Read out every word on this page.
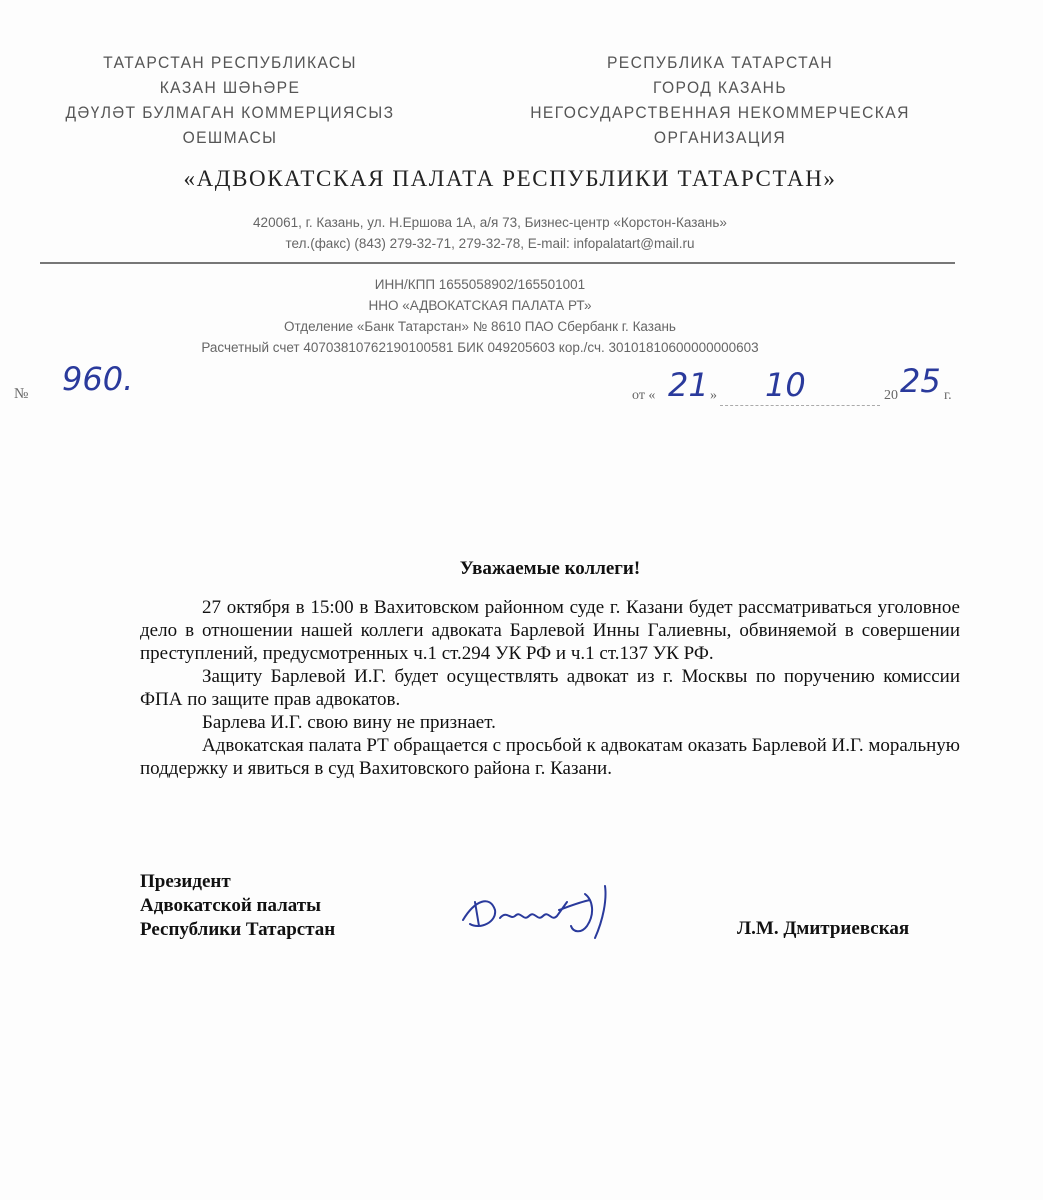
ТАТАРСТАН РЕСПУБЛИКАСЫ
КАЗАН ШӘҺӘРЕ
ДӘҮЛӘТ БУЛМАГАН КОММЕРЦИЯСЫЗ
ОЕШМАСЫ
РЕСПУБЛИКА ТАТАРСТАН
ГОРОД КАЗАНЬ
НЕГОСУДАРСТВЕННАЯ НЕКОММЕРЧЕСКАЯ
ОРГАНИЗАЦИЯ
«АДВОКАТСКАЯ ПАЛАТА РЕСПУБЛИКИ ТАТАРСТАН»
420061, г. Казань, ул. Н.Ершова 1А, а/я 73, Бизнес-центр «Корстон-Казань»
тел.(факс) (843) 279-32-71, 279-32-78, E-mail: infopalatart@mail.ru
ИНН/КПП 1655058902/165501001
ННО «АДВОКАТСКАЯ ПАЛАТА РТ»
Отделение «Банк Татарстан» № 8610 ПАО Сбербанк г. Казань
Расчетный счет 40703810762190100581 БИК 049205603 кор./сч. 30101810600000000603
№ 960.	от « 21 » 10	20 25 г.
Уважаемые коллеги!

27 октября в 15:00 в Вахитовском районном суде г. Казани будет рассматриваться уголовное дело в отношении нашей коллеги адвоката Барлевой Инны Галиевны, обвиняемой в совершении преступлений, предусмотренных ч.1 ст.294 УК РФ и ч.1 ст.137 УК РФ.

Защиту Барлевой И.Г. будет осуществлять адвокат из г. Москвы по поручению комиссии ФПА по защите прав адвокатов.

Барлева И.Г. свою вину не признает.

Адвокатская палата РТ обращается с просьбой к адвокатам оказать Барлевой И.Г. моральную поддержку и явиться в суд Вахитовского района г. Казани.

Президент
Адвокатской палаты
Республики Татарстан	Л.М. Дмитриевская
